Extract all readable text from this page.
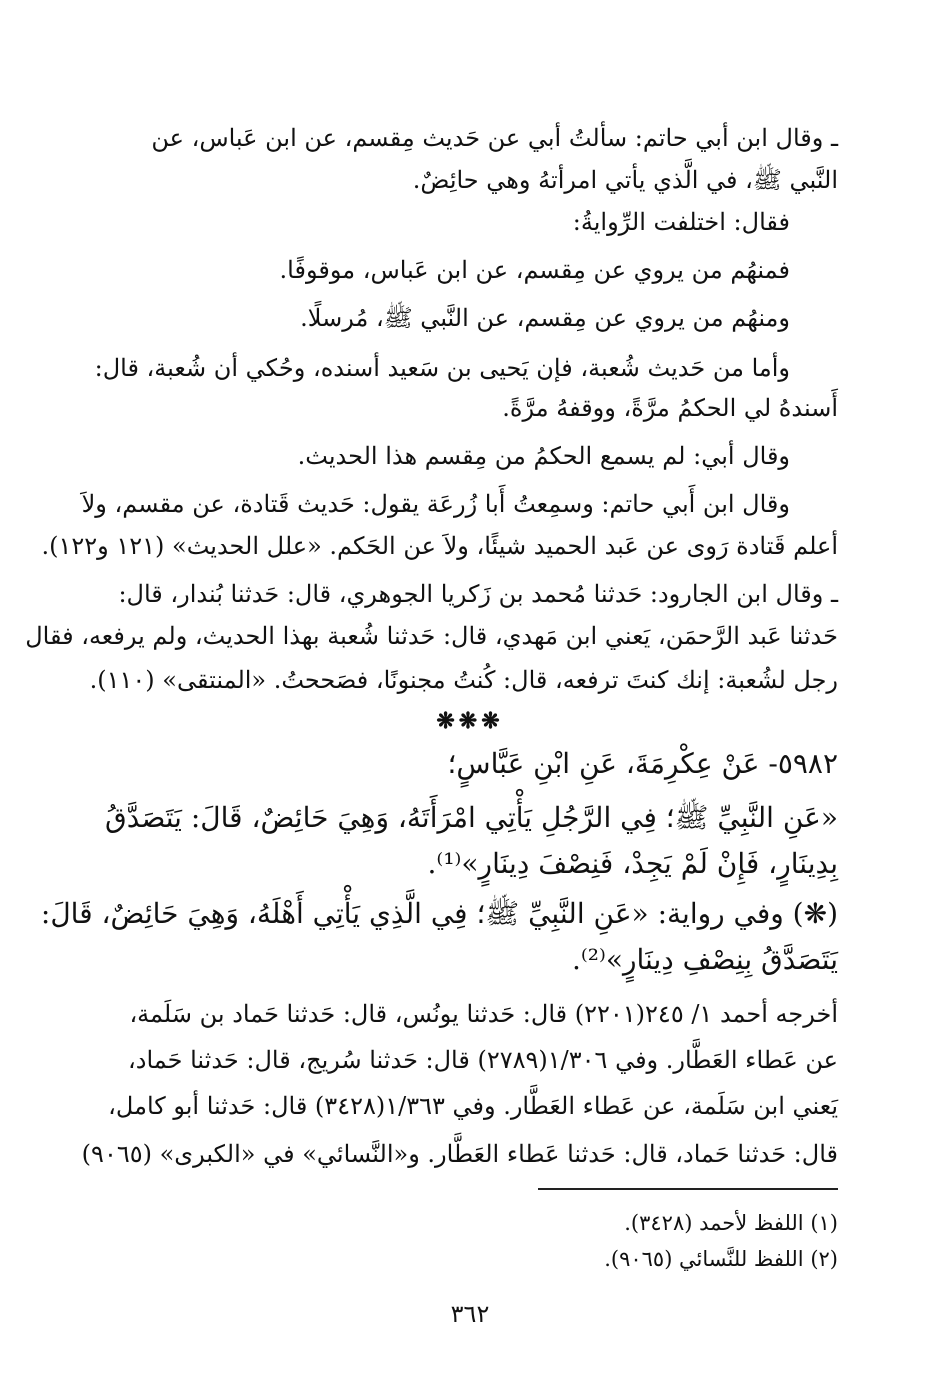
ـ وقال ابن أبي حاتم: سألتُ أبي عن حَديث مِقسم، عن ابن عَباس، عن
النَّبي ﷺ، في الَّذي يأتي امرأتهُ وهي حائِضٌ.
فقال: اختلفت الرِّوايةُ:
فمنهُم من يروي عن مِقسم، عن ابن عَباس، موقوفًا.
ومنهُم من يروي عن مِقسم، عن النَّبي ﷺ، مُرسلًا.
وأما من حَديث شُعبة، فإن يَحيى بن سَعيد أسنده، وحُكي أن شُعبة، قال:
أَسندهُ لي الحكمُ مرَّةً، ووقفهُ مرَّةً.
وقال أبي: لم يسمع الحكمُ من مِقسم هذا الحديث.
وقال ابن أَبي حاتم: وسمِعتُ أَبا زُرعَة يقول: حَديث قَتادة، عن مقسم، ولاَ
أعلم قَتادة رَوى عن عَبد الحميد شيئًا، ولاَ عن الحَكم. «علل الحديث» (١٢١ و١٢٢).
ـ وقال ابن الجارود: حَدثنا مُحمد بن زَكريا الجوهري، قال: حَدثنا بُندار، قال:
حَدثنا عَبد الرَّحمَن، يَعني ابن مَهدي، قال: حَدثنا شُعبة بهذا الحديث، ولم يرفعه، فقال
رجل لشُعبة: إنك كنتَ ترفعه، قال: كُنتُ مجنونًا، فصَححتُ. «المنتقى» (١١٠).
❋❋❋
٥٩٨٢- عَنْ عِكْرِمَةَ، عَنِ ابْنِ عَبَّاسٍ؛
«عَنِ النَّبِيِّ ﷺ؛ فِي الرَّجُلِ يَأْتِي امْرَأَتَهُ، وَهِيَ حَائِضٌ، قَالَ: يَتَصَدَّقُ
بِدِينَارٍ، فَإِنْ لَمْ يَجِدْ، فَنِصْفَ دِينَارٍ»⁽¹⁾.
(❋) وفي رواية: «عَنِ النَّبِيِّ ﷺ؛ فِي الَّذِي يَأْتِي أَهْلَهُ، وَهِيَ حَائِضٌ، قَالَ:
يَتَصَدَّقُ بِنِصْفِ دِينَارٍ»⁽²⁾.
أخرجه أحمد ١/ ٢٤٥(٢٢٠١) قال: حَدثنا يونُس، قال: حَدثنا حَماد بن سَلَمة،
عن عَطاء العَطَّار. وفي ١/٣٠٦(٢٧٨٩) قال: حَدثنا سُريج، قال: حَدثنا حَماد،
يَعني ابن سَلَمة، عن عَطاء العَطَّار. وفي ١/٣٦٣(٣٤٢٨) قال: حَدثنا أبو كامل،
قال: حَدثنا حَماد، قال: حَدثنا عَطاء العَطَّار. و«النَّسائي» في «الكبرى» (٩٠٦٥)
(١) اللفظ لأحمد (٣٤٢٨).
(٢) اللفظ للنَّسائي (٩٠٦٥).
٣٦٢
